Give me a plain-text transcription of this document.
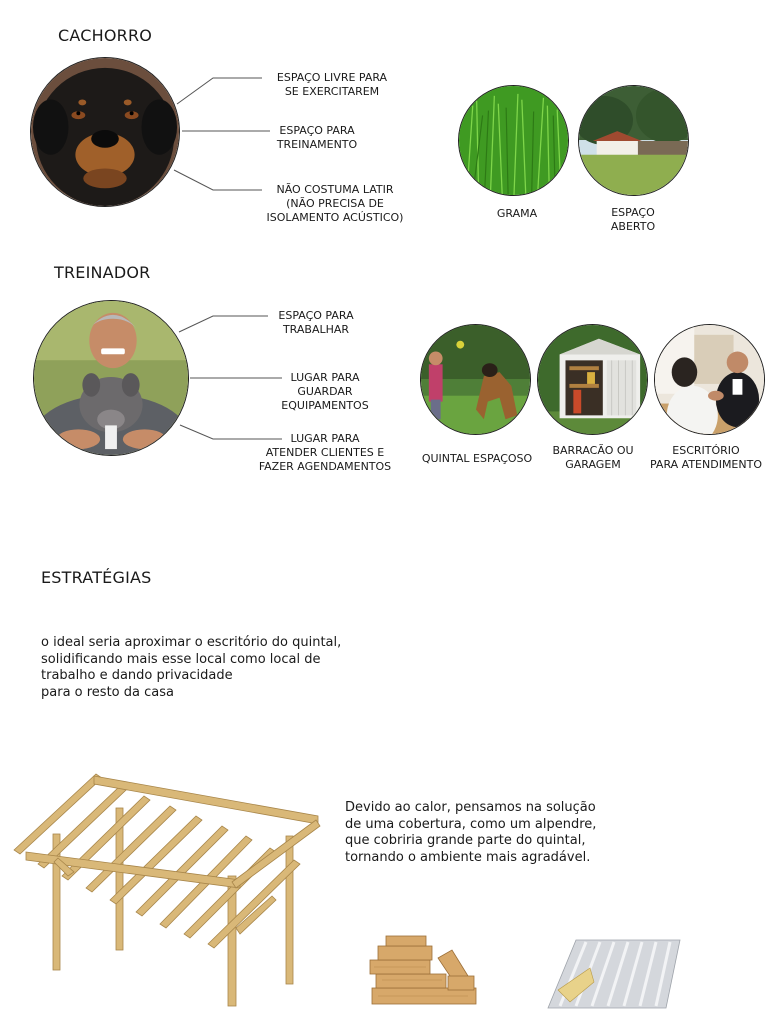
CACHORRO
ESPAÇO LIVRE PARA
SE EXERCITAREM
ESPAÇO PARA
TREINAMENTO
NÃO COSTUMA LATIR
(NÃO PRECISA DE
ISOLAMENTO ACÚSTICO)	GRAMA	ESPAÇO
ABERTO
TREINADOR
ESPAÇO PARA
TRABALHAR
LUGAR PARA
GUARDAR
EQUIPAMENTOS
LUGAR PARA
ATENDER CLIENTES E
FAZER AGENDAMENTOS
QUINTAL ESPAÇOSO
BARRACÃO OU
GARAGEM
ESCRITÓRIO
PARA ATENDIMENTO
ESTRATÉGIAS
o ideal seria aproximar o escritório do quintal,
solidificando mais esse local como local de
trabalho e dando privacidade
para o resto da casa
Devido ao calor, pensamos na solução
de uma cobertura, como um alpendre,
que cobriria grande parte do quintal,
tornando o ambiente mais agradável.
